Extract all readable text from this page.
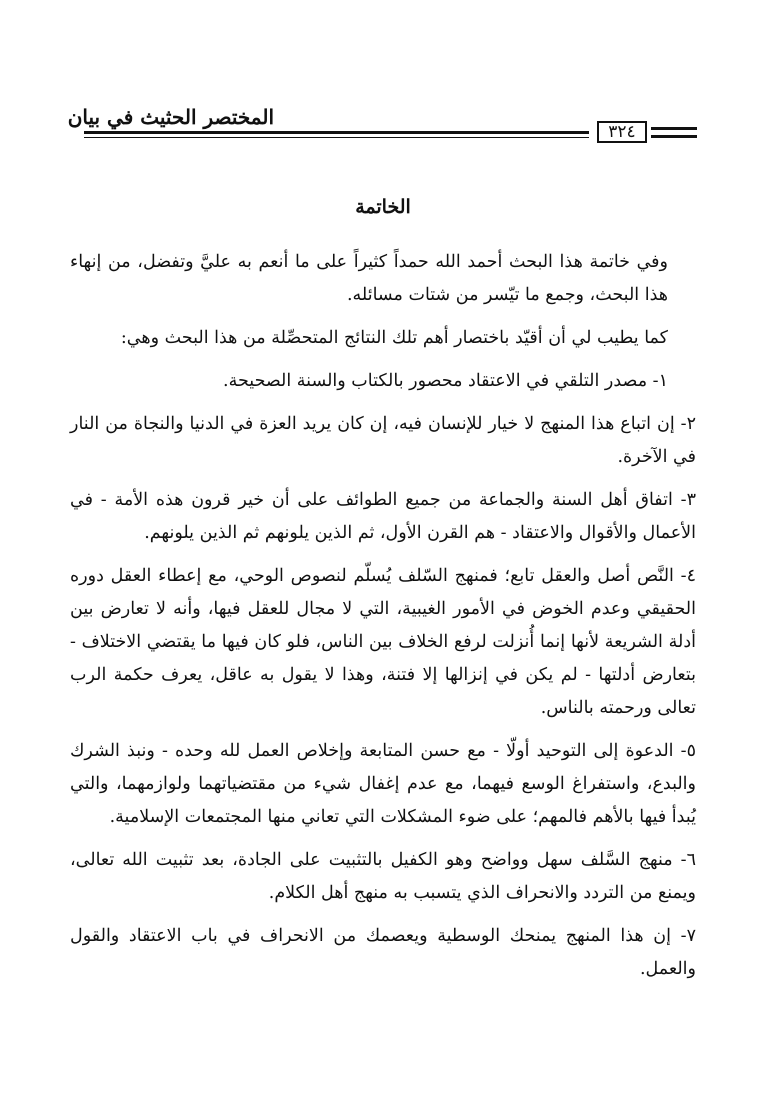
المختصر الحثيث في بيان
٣٢٤
الخاتمة

وفي خاتمة هذا البحث أحمد الله حمداً كثيراً على ما أنعم به عليَّ وتفضل، من إنهاء هذا البحث، وجمع ما تيّسر من شتات مسائله.

كما يطيب لي أن أقيّد باختصار أهم تلك النتائج المتحصِّلة من هذا البحث وهي:

١- مصدر التلقي في الاعتقاد محصور بالكتاب والسنة الصحيحة.

٢- إن اتباع هذا المنهج لا خيار للإنسان فيه، إن كان يريد العزة في الدنيا والنجاة من النار في الآخرة.

٣- اتفاق أهل السنة والجماعة من جميع الطوائف على أن خير قرون هذه الأمة - في الأعمال والأقوال والاعتقاد - هم القرن الأول، ثم الذين يلونهم ثم الذين يلونهم.

٤- النَّص أصل والعقل تابع؛ فمنهج السّلف يُسلّم لنصوص الوحي، مع إعطاء العقل دوره الحقيقي وعدم الخوض في الأمور الغيبية، التي لا مجال للعقل فيها، وأنه لا تعارض بين أدلة الشريعة لأنها إنما أُنزلت لرفع الخلاف بين الناس، فلو كان فيها ما يقتضي الاختلاف - بتعارض أدلتها - لم يكن في إنزالها إلا فتنة، وهذا لا يقول به عاقل، يعرف حكمة الرب تعالى ورحمته بالناس.

٥- الدعوة إلى التوحيد أولّا - مع حسن المتابعة وإخلاص العمل لله وحده - ونبذ الشرك والبدع، واستفراغ الوسع فيهما، مع عدم إغفال شيء من مقتضياتهما ولوازمهما، والتي يُبدأ فيها بالأهم فالمهم؛ على ضوء المشكلات التي تعاني منها المجتمعات الإسلامية.

٦- منهج السَّلف سهل وواضح وهو الكفيل بالتثبيت على الجادة، بعد تثبيت الله تعالى، ويمنع من التردد والانحراف الذي يتسبب به منهج أهل الكلام.

٧- إن هذا المنهج يمنحك الوسطية ويعصمك من الانحراف في باب الاعتقاد والقول والعمل.
